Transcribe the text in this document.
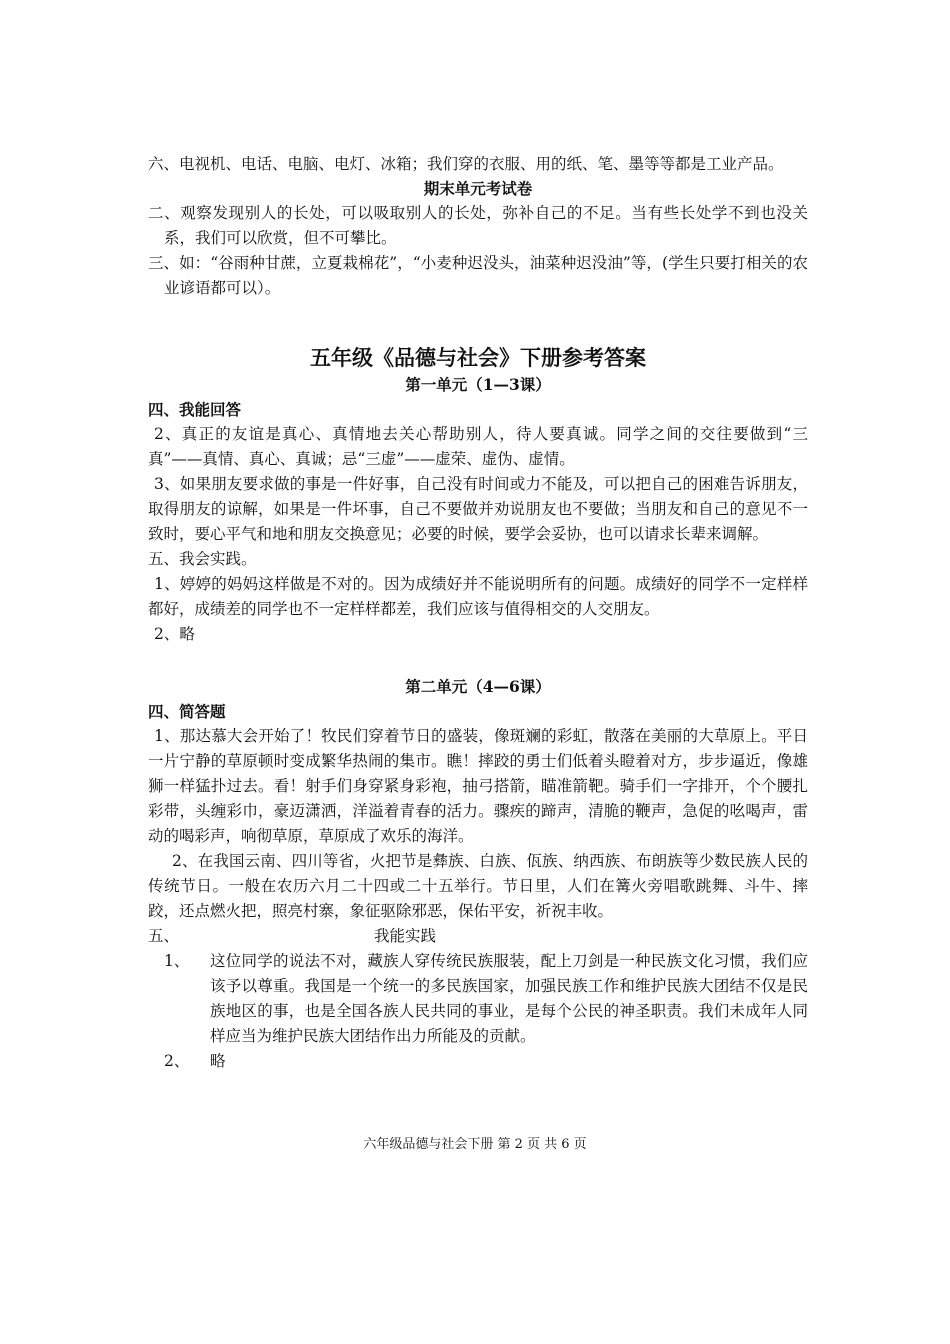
六、电视机、电话、电脑、电灯、冰箱；我们穿的衣服、用的纸、笔、墨等等都是工业产品。

期末单元考试卷

二、观察发现别人的长处，可以吸取别人的长处，弥补自己的不足。当有些长处学不到也没关系，我们可以欣赏，但不可攀比。

三、如：“谷雨种甘蔗，立夏栽棉花”，“小麦种迟没头，油菜种迟没油”等，(学生只要打相关的农业谚语都可以）。

五年级《品德与社会》下册参考答案

第一单元（1—3课）

四、我能回答

2、真正的友谊是真心、真情地去关心帮助别人，待人要真诚。同学之间的交往要做到“三真”——真情、真心、真诚；忌“三虚”——虚荣、虚伪、虚情。

3、如果朋友要求做的事是一件好事，自己没有时间或力不能及，可以把自己的困难告诉朋友，取得朋友的谅解，如果是一件坏事，自己不要做并劝说朋友也不要做；当朋友和自己的意见不一致时，要心平气和地和朋友交换意见；必要的时候，要学会妥协，也可以请求长辈来调解。

五、我会实践。

1、婷婷的妈妈这样做是不对的。因为成绩好并不能说明所有的问题。成绩好的同学不一定样样都好，成绩差的同学也不一定样样都差，我们应该与值得相交的人交朋友。

2、略

第二单元（4—6课）

四、简答题

1、那达慕大会开始了！牧民们穿着节日的盛装，像斑斓的彩虹，散落在美丽的大草原上。平日一片宁静的草原顿时变成繁华热闹的集市。瞧！摔跤的勇士们低着头瞪着对方，步步逼近，像雄狮一样猛扑过去。看！射手们身穿紧身彩袍，抽弓搭箭，瞄准箭靶。骑手们一字排开，个个腰扎彩带，头缠彩巾，豪迈潇洒，洋溢着青春的活力。骤疾的蹄声，清脆的鞭声，急促的吆喝声，雷动的喝彩声，响彻草原，草原成了欢乐的海洋。

2、在我国云南、四川等省，火把节是彝族、白族、佤族、纳西族、布朗族等少数民族人民的传统节日。一般在农历六月二十四或二十五举行。节日里，人们在篝火旁唱歌跳舞、斗牛、摔跤，还点燃火把，照亮村寨，象征驱除邪恶，保佑平安，祈祝丰收。

五、	我能实践
1、	这位同学的说法不对，藏族人穿传统民族服装，配上刀剑是一种民族文化习惯，我们应该予以尊重。我国是一个统一的多民族国家，加强民族工作和维护民族大团结不仅是民族地区的事，也是全国各族人民共同的事业，是每个公民的神圣职责。我们未成年人同样应当为维护民族大团结作出力所能及的贡献。
2、	略
六年级品德与社会下册 第 2 页 共 6 页
